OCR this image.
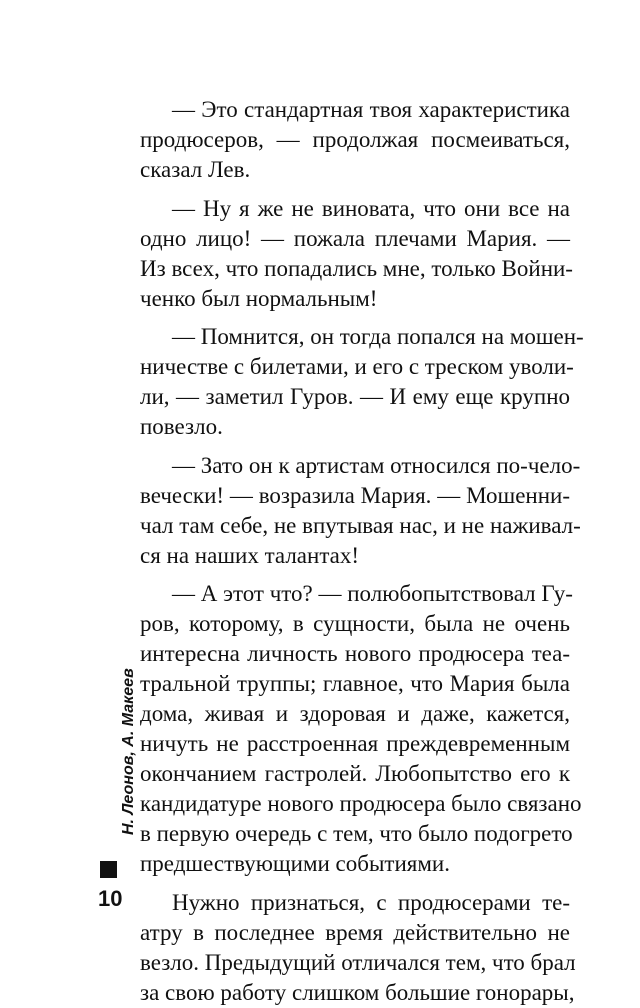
— Это стандартная твоя характеристика
продюсеров, — продолжая посмеиваться,
сказал Лев.
— Ну я же не виновата, что они все на
одно лицо! — пожала плечами Мария. —
Из всех, что попадались мне, только Войни-
ченко был нормальным!
— Помнится, он тогда попался на мошен-
ничестве с билетами, и его с треском уволи-
ли, — заметил Гуров. — И ему еще крупно
повезло.
— Зато он к артистам относился по-чело-
вечески! — возразила Мария. — Мошенни-
чал там себе, не впутывая нас, и не наживал-
ся на наших талантах!
— А этот что? — полюбопытствовал Гу-
ров, которому, в сущности, была не очень
интересна личность нового продюсера теа-
тральной труппы; главное, что Мария была
дома, живая и здоровая и даже, кажется,
ничуть не расстроенная преждевременным
окончанием гастролей. Любопытство его к
кандидатуре нового продюсера было связано
в первую очередь с тем, что было подогрето
предшествующими событиями.
Нужно признаться, с продюсерами те-
атру в последнее время действительно не
везло. Предыдущий отличался тем, что брал
за свою работу слишком большие гонорары,
Н. Леонов, А. Макеев
10
